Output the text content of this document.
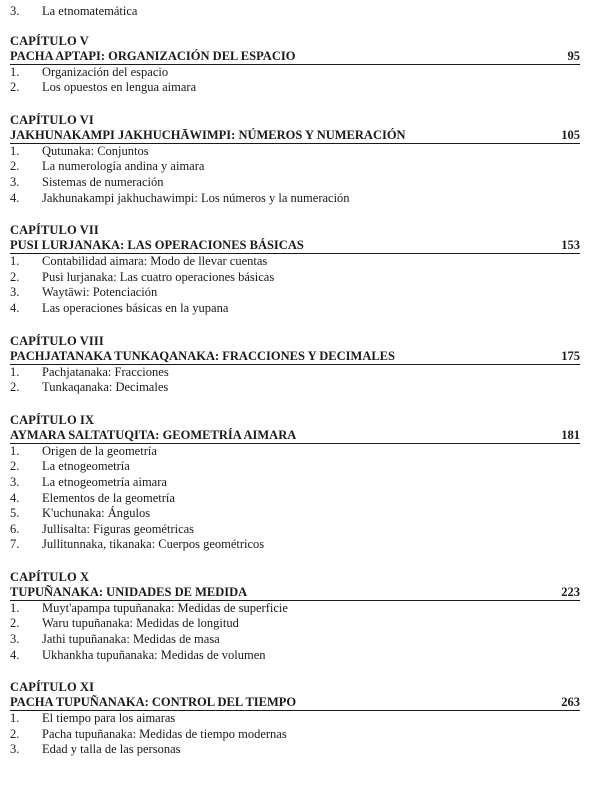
3.	La etnomatemática
CAPÍTULO V
PACHA APTAPI: ORGANIZACIÓN DEL ESPACIO	95
1.	Organización del espacio
2.	Los opuestos en lengua aimara
CAPÍTULO VI
JAKHUNAKAMPI JAKHUCHĀWIMPI: NÚMEROS Y NUMERACIÓN	105
1.	Qutunaka: Conjuntos
2.	La numerología andina y aimara
3.	Sistemas de numeración
4.	Jakhunakampi jakhuchawimpi: Los números y la numeración
CAPÍTULO VII
PUSI LURJANAKA: LAS OPERACIONES BÁSICAS	153
1.	Contabilidad aimara: Modo de llevar cuentas
2.	Pusi lurjanaka: Las cuatro operaciones básicas
3.	Waytäwi: Potenciación
4.	Las operaciones básicas en la yupana
CAPÍTULO VIII
PACHJATANAKA TUNKAQANAKA: FRACCIONES Y DECIMALES	175
1.	Pachjatanaka: Fracciones
2.	Tunkaqanaka: Decimales
CAPÍTULO IX
AYMARA SALTATUQITA: GEOMETRÍA AIMARA	181
1.	Origen de la geometría
2.	La etnogeometría
3.	La etnogeometría aimara
4.	Elementos de la geometría
5.	K'uchunaka: Ángulos
6.	Jullisalta: Figuras geométricas
7.	Jullitunnaka, tikanaka: Cuerpos geométricos
CAPÍTULO X
TUPUÑANAKA: UNIDADES DE MEDIDA	223
1.	Muyt'apampa tupuñanaka: Medidas de superficie
2.	Waru tupuñanaka: Medidas de longitud
3.	Jathi tupuñanaka: Medidas de masa
4.	Ukhankha tupuñanaka: Medidas de volumen
CAPÍTULO XI
PACHA TUPUÑANAKA: CONTROL DEL TIEMPO	263
1.	El tiempo para los aimaras
2.	Pacha tupuñanaka: Medidas de tiempo modernas
3.	Edad y talla de las personas
